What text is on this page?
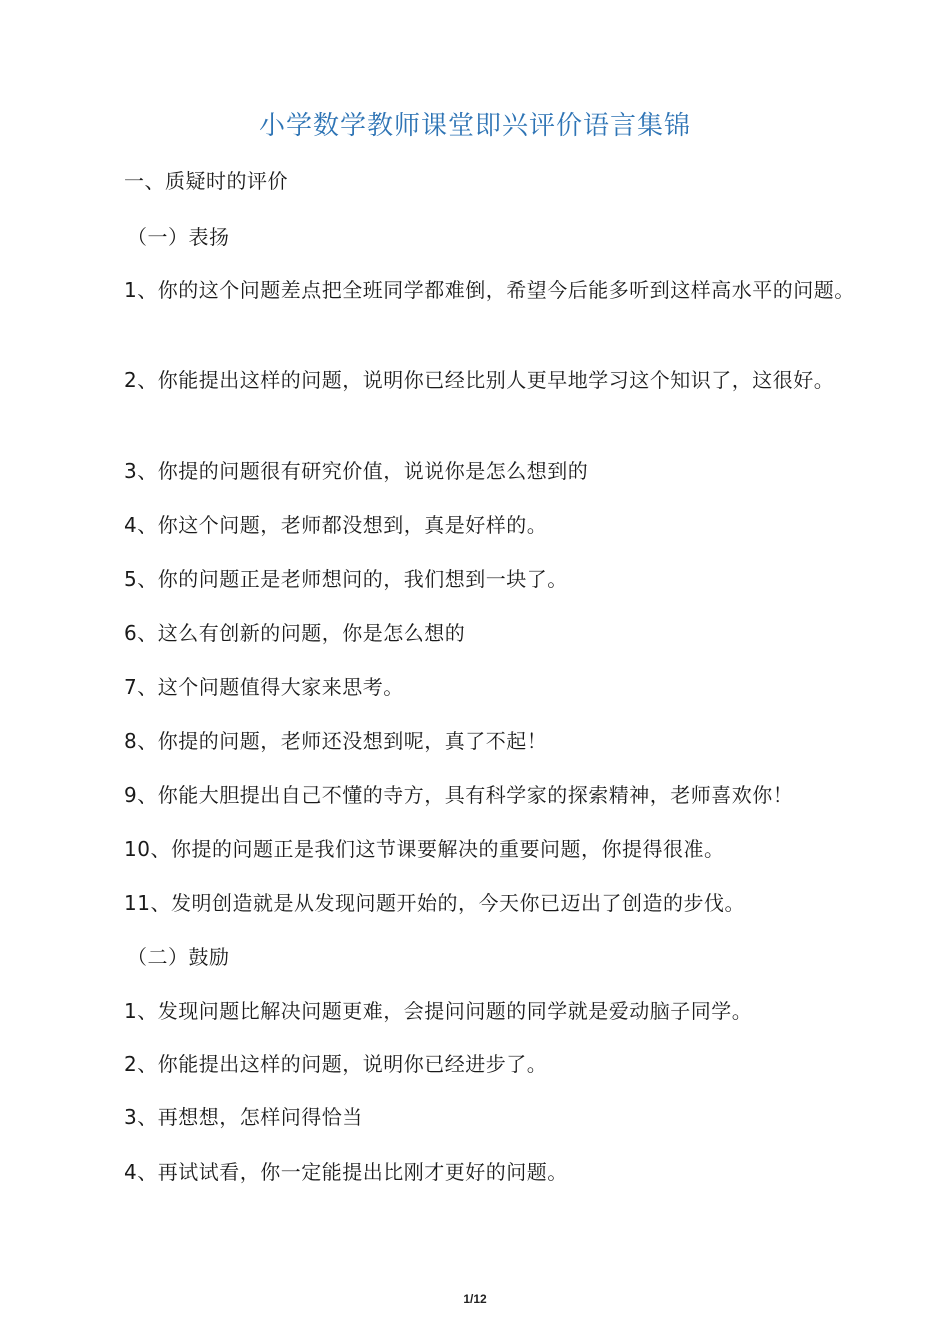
小学数学教师课堂即兴评价语言集锦
一、质疑时的评价
（一）表扬
1、你的这个问题差点把全班同学都难倒，希望今后能多听到这样高水平的问题。
2、你能提出这样的问题，说明你已经比别人更早地学习这个知识了，这很好。
3、你提的问题很有研究价值，说说你是怎么想到的
4、你这个问题，老师都没想到，真是好样的。
5、你的问题正是老师想问的，我们想到一块了。
6、这么有创新的问题，你是怎么想的
7、这个问题值得大家来思考。
8、你提的问题，老师还没想到呢，真了不起！
9、你能大胆提出自己不懂的寺方，具有科学家的探索精神，老师喜欢你！
10、你提的问题正是我们这节课要解决的重要问题，你提得很准。
11、发明创造就是从发现问题开始的，今天你已迈出了创造的步伐。
（二）鼓励
1、发现问题比解决问题更难，会提问问题的同学就是爱动脑子同学。
2、你能提出这样的问题，说明你已经进步了。
3、再想想，怎样问得恰当
4、再试试看，你一定能提出比刚才更好的问题。
1/12
